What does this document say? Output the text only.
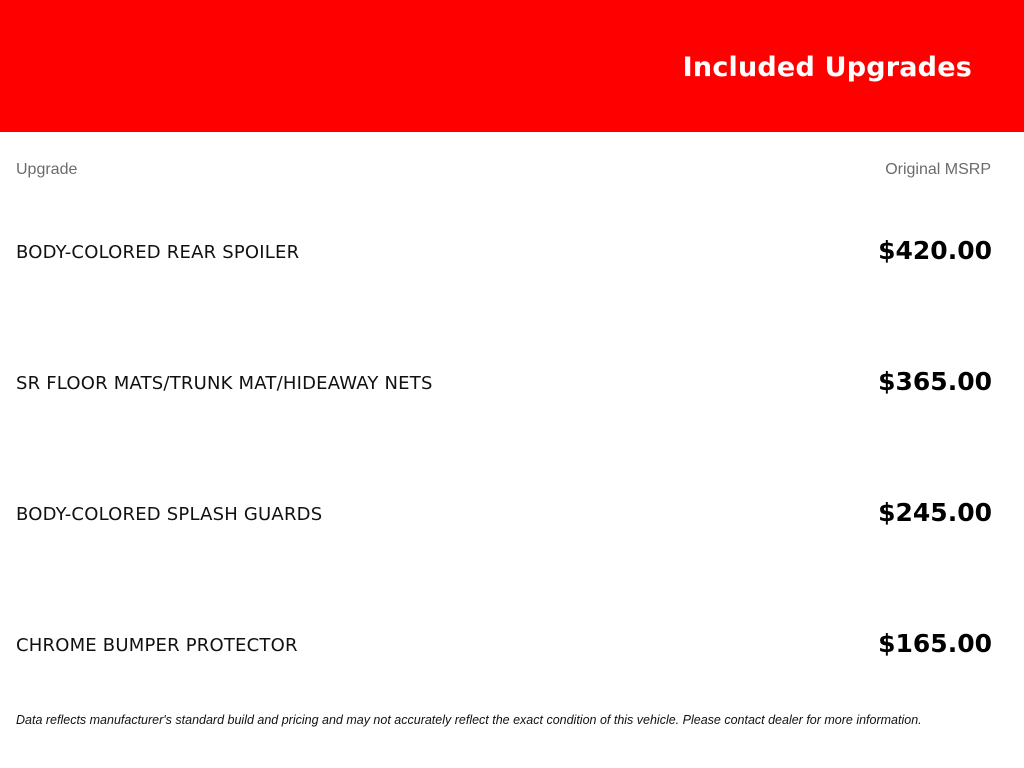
Included Upgrades
Upgrade	Original MSRP
BODY-COLORED REAR SPOILER	$420.00
SR FLOOR MATS/TRUNK MAT/HIDEAWAY NETS	$365.00
BODY-COLORED SPLASH GUARDS	$245.00
CHROME BUMPER PROTECTOR	$165.00
Data reflects manufacturer's standard build and pricing and may not accurately reflect the exact condition of this vehicle. Please contact dealer for more information.
